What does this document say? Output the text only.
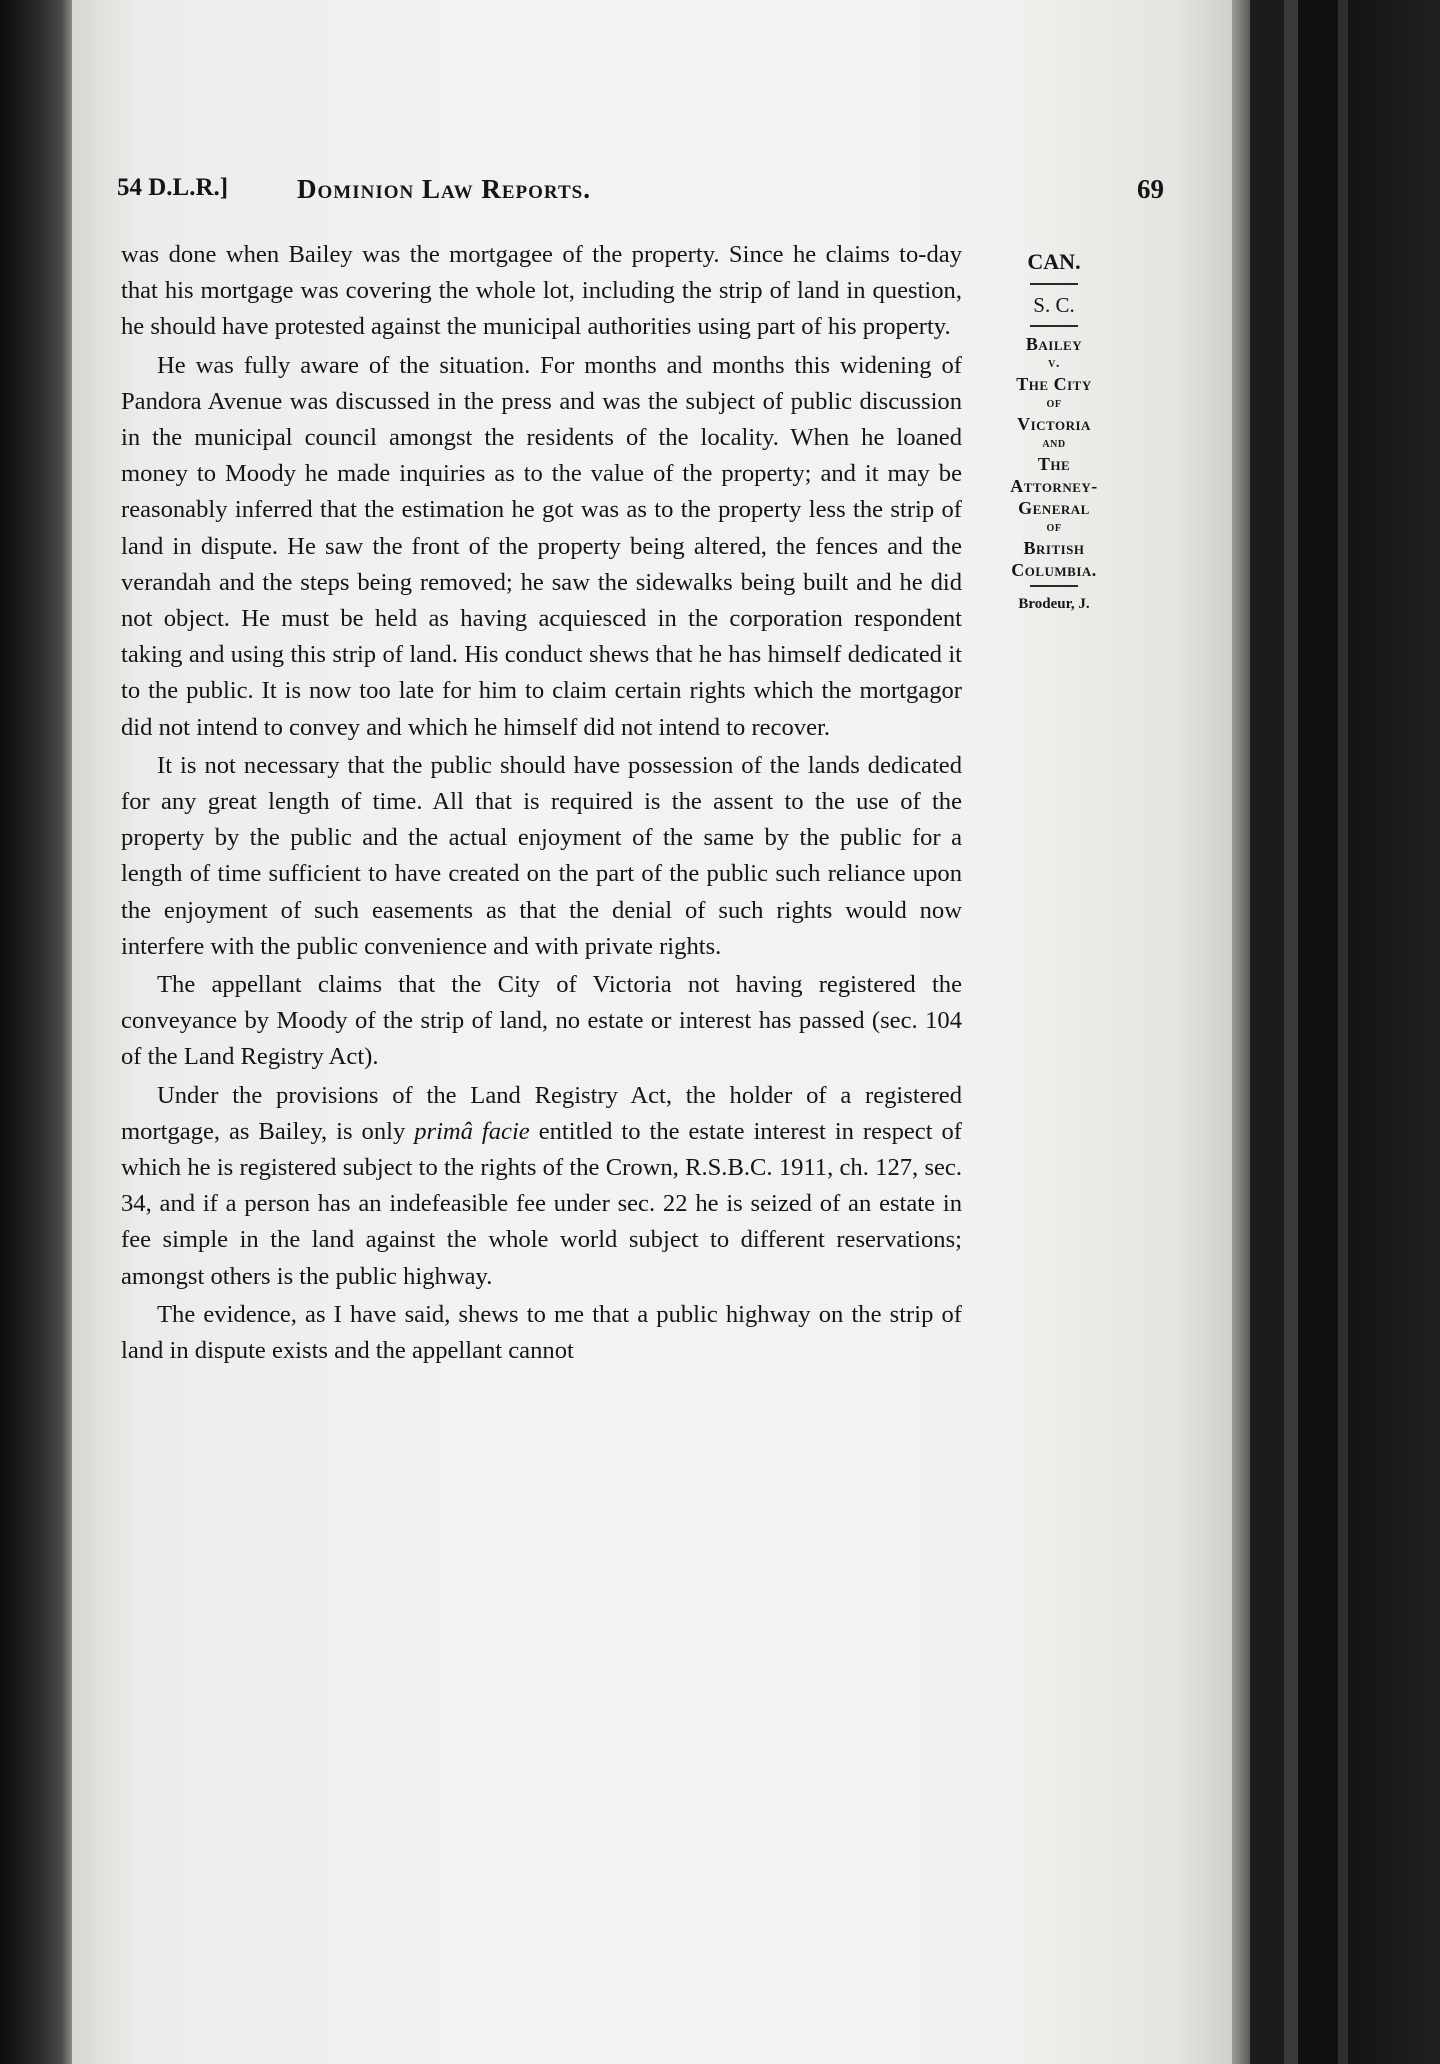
54 D.L.R.]	Dominion Law Reports.	69

was done when Bailey was the mortgagee of the property. Since he claims to-day that his mortgage was covering the whole lot, including the strip of land in question, he should have protested against the municipal authorities using part of his property.

He was fully aware of the situation. For months and months this widening of Pandora Avenue was discussed in the press and was the subject of public discussion in the municipal council amongst the residents of the locality. When he loaned money to Moody he made inquiries as to the value of the property; and it may be reasonably inferred that the estimation he got was as to the property less the strip of land in dispute. He saw the front of the property being altered, the fences and the verandah and the steps being removed; he saw the sidewalks being built and he did not object. He must be held as having acquiesced in the corporation respondent taking and using this strip of land. His conduct shews that he has himself dedicated it to the public. It is now too late for him to claim certain rights which the mortgagor did not intend to convey and which he himself did not intend to recover.

It is not necessary that the public should have possession of the lands dedicated for any great length of time. All that is required is the assent to the use of the property by the public and the actual enjoyment of the same by the public for a length of time sufficient to have created on the part of the public such reliance upon the enjoyment of such easements as that the denial of such rights would now interfere with the public convenience and with private rights.

The appellant claims that the City of Victoria not having registered the conveyance by Moody of the strip of land, no estate or interest has passed (sec. 104 of the Land Registry Act).

Under the provisions of the Land Registry Act, the holder of a registered mortgage, as Bailey, is only primâ facie entitled to the estate interest in respect of which he is registered subject to the rights of the Crown, R.S.B.C. 1911, ch. 127, sec. 34, and if a person has an indefeasible fee under sec. 22 he is seized of an estate in fee simple in the land against the whole world subject to different reservations; amongst others is the public highway.

The evidence, as I have said, shews to me that a public highway on the strip of land in dispute exists and the appellant cannot

CAN.
S. C.
Bailey
v.
The City
of
Victoria
and
The
Attorney-
General
of
British
Columbia.
Brodeur, J.
